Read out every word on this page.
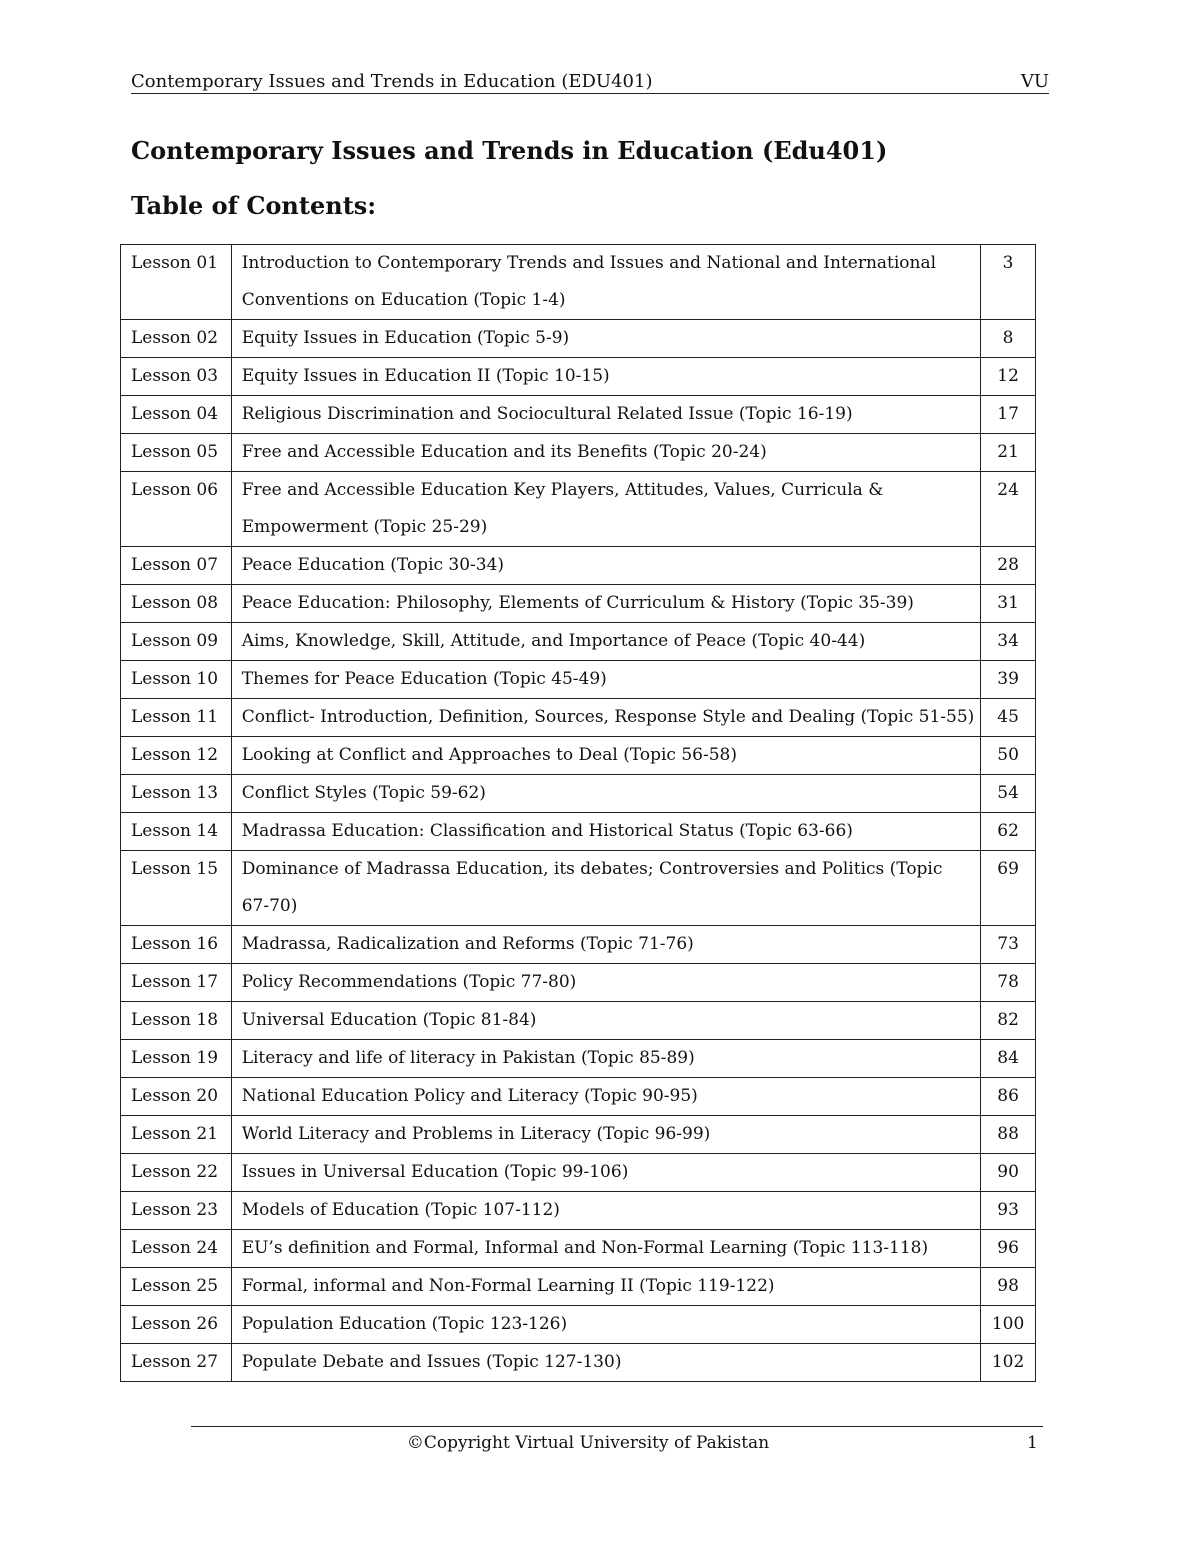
Contemporary Issues and Trends in Education (EDU401)	VU
Contemporary Issues and Trends in Education (Edu401)
Table of Contents:
Lesson 01	Introduction to Contemporary Trends and Issues and National and International Conventions on Education (Topic 1-4)	3
Lesson 02	Equity Issues in Education (Topic 5-9)	8
Lesson 03	Equity Issues in Education II (Topic 10-15)	12
Lesson 04	Religious Discrimination and Sociocultural Related Issue (Topic 16-19)	17
Lesson 05	Free and Accessible Education and its Benefits (Topic 20-24)	21
Lesson 06	Free and Accessible Education Key Players, Attitudes, Values, Curricula & Empowerment (Topic 25-29)	24
Lesson 07	Peace Education (Topic 30-34)	28
Lesson 08	Peace Education: Philosophy, Elements of Curriculum & History (Topic 35-39)	31
Lesson 09	Aims, Knowledge, Skill, Attitude, and Importance of Peace (Topic 40-44)	34
Lesson 10	Themes for Peace Education (Topic 45-49)	39
Lesson 11	Conflict- Introduction, Definition, Sources, Response Style and Dealing (Topic 51-55)	45
Lesson 12	Looking at Conflict and Approaches to Deal (Topic 56-58)	50
Lesson 13	Conflict Styles (Topic 59-62)	54
Lesson 14	Madrassa Education: Classification and Historical Status (Topic 63-66)	62
Lesson 15	Dominance of Madrassa Education, its debates; Controversies and Politics (Topic 67-70)	69
Lesson 16	Madrassa, Radicalization and Reforms (Topic 71-76)	73
Lesson 17	Policy Recommendations (Topic 77-80)	78
Lesson 18	Universal Education (Topic 81-84)	82
Lesson 19	Literacy and life of literacy in Pakistan (Topic 85-89)	84
Lesson 20	National Education Policy and Literacy (Topic 90-95)	86
Lesson 21	World Literacy and Problems in Literacy (Topic 96-99)	88
Lesson 22	Issues in Universal Education (Topic 99-106)	90
Lesson 23	Models of Education (Topic 107-112)	93
Lesson 24	EU’s definition and Formal, Informal and Non-Formal Learning (Topic 113-118)	96
Lesson 25	Formal, informal and Non-Formal Learning II (Topic 119-122)	98
Lesson 26	Population Education (Topic 123-126)	100
Lesson 27	Populate Debate and Issues (Topic 127-130)	102
©Copyright Virtual University of Pakistan	1
